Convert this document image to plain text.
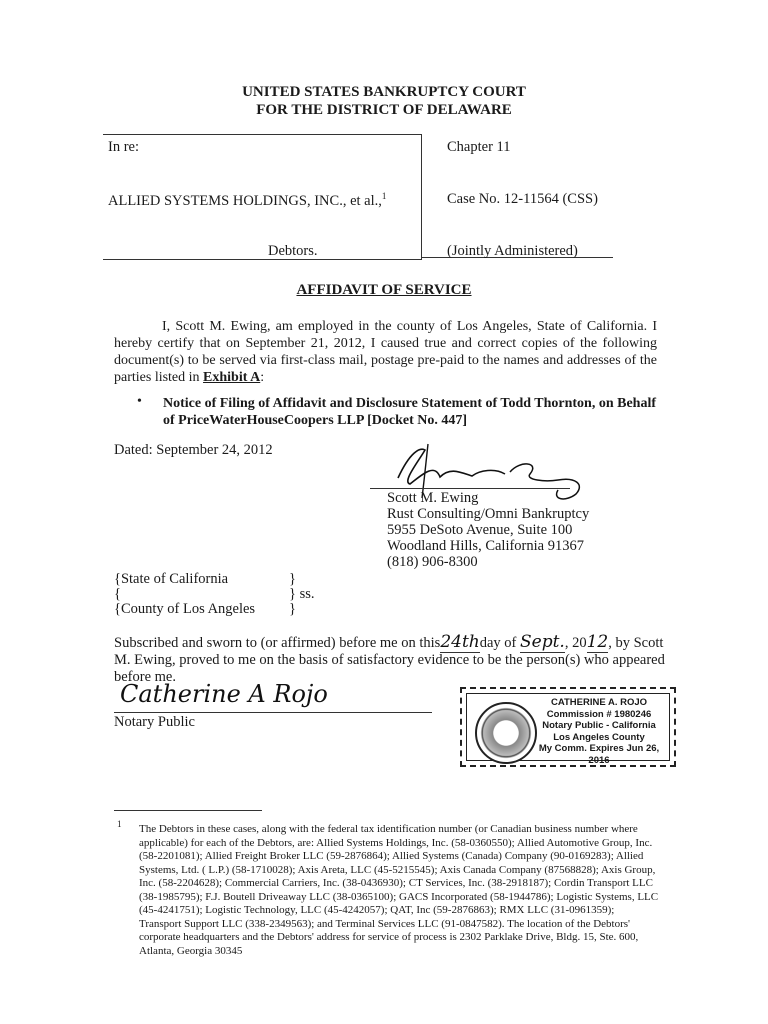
UNITED STATES BANKRUPTCY COURT
FOR THE DISTRICT OF DELAWARE
In re:
ALLIED SYSTEMS HOLDINGS, INC., et al.,$^1$
Debtors.
Chapter 11
Case No. 12-11564 (CSS)
(Jointly Administered)
AFFIDAVIT OF SERVICE
I, Scott M. Ewing, am employed in the county of Los Angeles, State of California. I hereby certify that on September 21, 2012, I caused true and correct copies of the following document(s) to be served via first-class mail, postage pre-paid to the names and addresses of the parties listed in Exhibit A:
• Notice of Filing of Affidavit and Disclosure Statement of Todd Thornton, on Behalf of PriceWaterHouseCoopers LLP [Docket No. 447]
Dated: September 24, 2012
Scott M. Ewing
Rust Consulting/Omni Bankruptcy
5955 DeSoto Avenue, Suite 100
Woodland Hills, California 91367
(818) 906-8300
{State of California
{
{County of Los Angeles
}
} ss.
}
Subscribed and sworn to (or affirmed) before me on this24thday of Sept., 2012, by Scott
M. Ewing, proved to me on the basis of satisfactory evidence to be the person(s) who appeared
before me.
Catherine A Rojo
Notary Public
CATHERINE A. ROJO
Commission # 1980246
Notary Public - California
Los Angeles County
My Comm. Expires Jun 26, 2016
$^1$ The Debtors in these cases, along with the federal tax identification number (or Canadian business number where applicable) for each of the Debtors, are: Allied Systems Holdings, Inc. (58-0360550); Allied Automotive Group, Inc. (58-2201081); Allied Freight Broker LLC (59-2876864); Allied Systems (Canada) Company (90-0169283); Allied Systems, Ltd. ( L.P.) (58-1710028); Axis Areta, LLC (45-5215545); Axis Canada Company (87568828); Axis Group, Inc. (58-2204628); Commercial Carriers, Inc. (38-0436930); CT Services, Inc. (38-2918187); Cordin Transport LLC (38-1985795); F.J. Boutell Driveaway LLC (38-0365100); GACS Incorporated (58-1944786); Logistic Systems, LLC (45-4241751); Logistic Technology, LLC (45-4242057); QAT, Inc (59-2876863); RMX LLC (31-0961359); Transport Support LLC (338-2349563); and Terminal Services LLC (91-0847582). The location of the Debtors' corporate headquarters and the Debtors' address for service of process is 2302 Parklake Drive, Bldg. 15, Ste. 600, Atlanta, Georgia 30345
